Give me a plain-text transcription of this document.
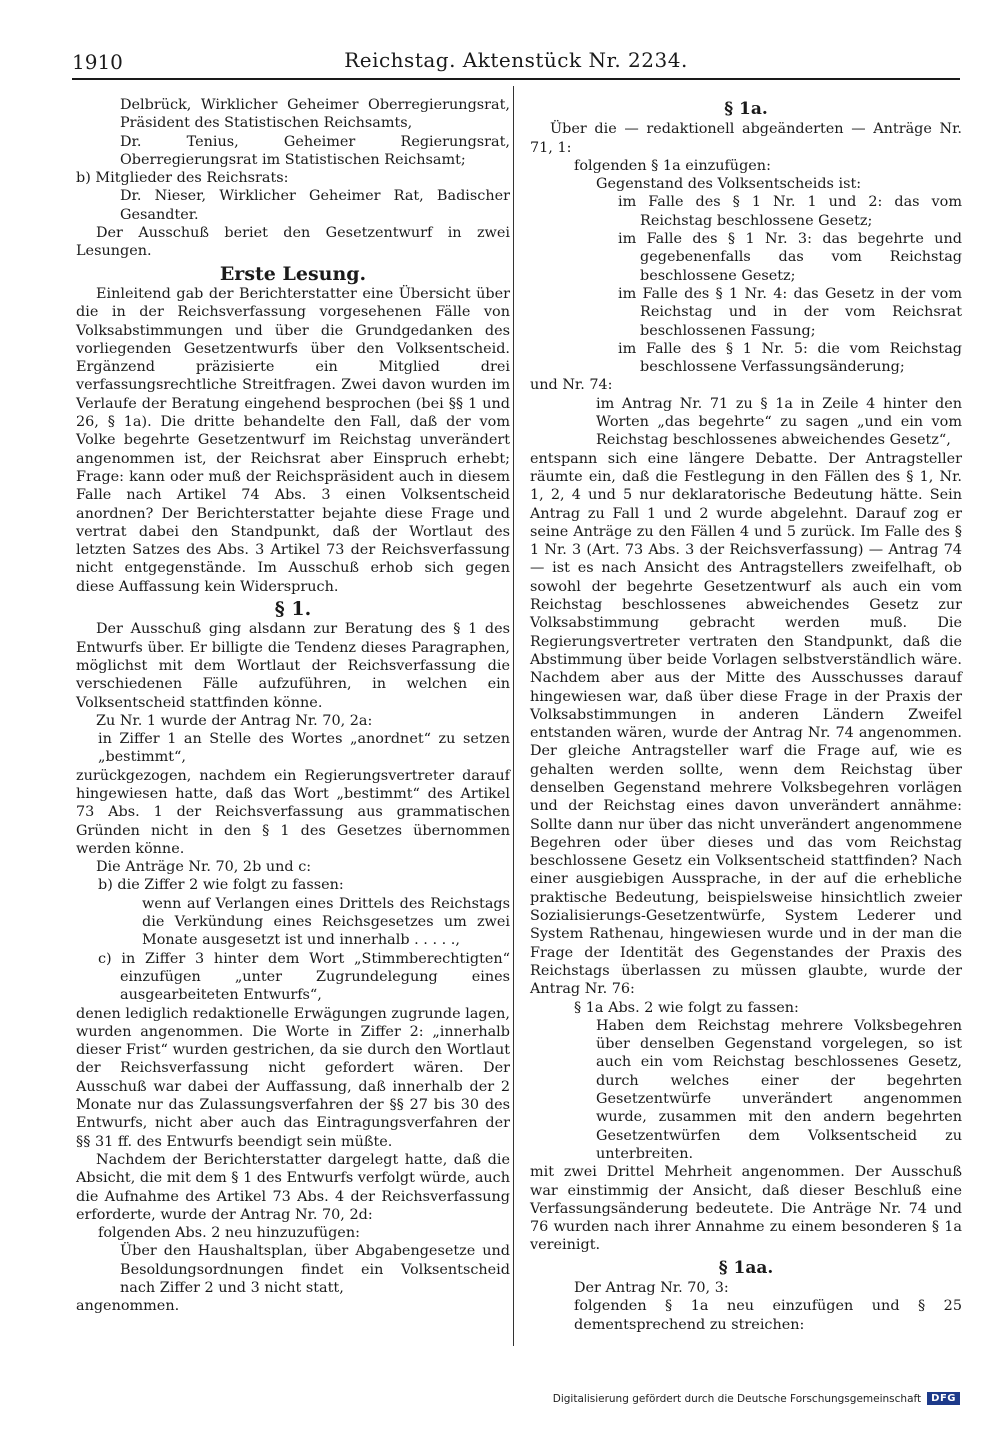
1910	Reichstag. Aktenstück Nr. 2234.

Delbrück, Wirklicher Geheimer Oberregierungsrat, Präsident des Statistischen Reichsamts,

Dr. Tenius, Geheimer Regierungsrat, Oberregierungsrat im Statistischen Reichsamt;

b) Mitglieder des Reichsrats:

Dr. Nieser, Wirklicher Geheimer Rat, Badischer Gesandter.

Der Ausschuß beriet den Gesetzentwurf in zwei Lesungen.

Erste Lesung.

Einleitend gab der Berichterstatter eine Übersicht über die in der Reichsverfassung vorgesehenen Fälle von Volksabstimmungen und über die Grundgedanken des vorliegenden Gesetzentwurfs über den Volksentscheid. Ergänzend präzisierte ein Mitglied drei verfassungsrechtliche Streitfragen. Zwei davon wurden im Verlaufe der Beratung eingehend besprochen (bei §§ 1 und 26, § 1a). Die dritte behandelte den Fall, daß der vom Volke begehrte Gesetzentwurf im Reichstag unverändert angenommen ist, der Reichsrat aber Einspruch erhebt; Frage: kann oder muß der Reichspräsident auch in diesem Falle nach Artikel 74 Abs. 3 einen Volksentscheid anordnen? Der Berichterstatter bejahte diese Frage und vertrat dabei den Standpunkt, daß der Wortlaut des letzten Satzes des Abs. 3 Artikel 73 der Reichsverfassung nicht entgegenstände. Im Ausschuß erhob sich gegen diese Auffassung kein Widerspruch.

§ 1.

Der Ausschuß ging alsdann zur Beratung des § 1 des Entwurfs über. Er billigte die Tendenz dieses Paragraphen, möglichst mit dem Wortlaut der Reichsverfassung die verschiedenen Fälle aufzuführen, in welchen ein Volksentscheid stattfinden könne.

Zu Nr. 1 wurde der Antrag Nr. 70, 2a:

in Ziffer 1 an Stelle des Wortes „anordnet“ zu setzen „bestimmt“,

zurückgezogen, nachdem ein Regierungsvertreter darauf hingewiesen hatte, daß das Wort „bestimmt“ des Artikel 73 Abs. 1 der Reichsverfassung aus grammatischen Gründen nicht in den § 1 des Gesetzes übernommen werden könne.

Die Anträge Nr. 70, 2b und c:

b) die Ziffer 2 wie folgt zu fassen:

wenn auf Verlangen eines Drittels des Reichstags die Verkündung eines Reichsgesetzes um zwei Monate ausgesetzt ist und innerhalb . . . . .,

c) in Ziffer 3 hinter dem Wort „Stimmberechtigten“ einzufügen „unter Zugrundelegung eines ausgearbeiteten Entwurfs“,

denen lediglich redaktionelle Erwägungen zugrunde lagen, wurden angenommen. Die Worte in Ziffer 2: „innerhalb dieser Frist“ wurden gestrichen, da sie durch den Wortlaut der Reichsverfassung nicht gefordert wären. Der Ausschuß war dabei der Auffassung, daß innerhalb der 2 Monate nur das Zulassungsverfahren der §§ 27 bis 30 des Entwurfs, nicht aber auch das Eintragungsverfahren der §§ 31 ff. des Entwurfs beendigt sein müßte.

Nachdem der Berichterstatter dargelegt hatte, daß die Absicht, die mit dem § 1 des Entwurfs verfolgt würde, auch die Aufnahme des Artikel 73 Abs. 4 der Reichsverfassung erforderte, wurde der Antrag Nr. 70, 2d:

folgenden Abs. 2 neu hinzuzufügen:

Über den Haushaltsplan, über Abgabengesetze und Besoldungsordnungen findet ein Volksentscheid nach Ziffer 2 und 3 nicht statt,

angenommen.

§ 1a.

Über die — redaktionell abgeänderten — Anträge Nr. 71, 1:

folgenden § 1a einzufügen:

Gegenstand des Volksentscheids ist:

im Falle des § 1 Nr. 1 und 2: das vom Reichstag beschlossene Gesetz;

im Falle des § 1 Nr. 3: das begehrte und gegebenenfalls das vom Reichstag beschlossene Gesetz;

im Falle des § 1 Nr. 4: das Gesetz in der vom Reichstag und in der vom Reichsrat beschlossenen Fassung;

im Falle des § 1 Nr. 5: die vom Reichstag beschlossene Verfassungsänderung;

und Nr. 74:

im Antrag Nr. 71 zu § 1a in Zeile 4 hinter den Worten „das begehrte“ zu sagen „und ein vom Reichstag beschlossenes abweichendes Gesetz“,

entspann sich eine längere Debatte. Der Antragsteller räumte ein, daß die Festlegung in den Fällen des § 1, Nr. 1, 2, 4 und 5 nur deklaratorische Bedeutung hätte. Sein Antrag zu Fall 1 und 2 wurde abgelehnt. Darauf zog er seine Anträge zu den Fällen 4 und 5 zurück. Im Falle des § 1 Nr. 3 (Art. 73 Abs. 3 der Reichsverfassung) — Antrag 74 — ist es nach Ansicht des Antragstellers zweifelhaft, ob sowohl der begehrte Gesetzentwurf als auch ein vom Reichstag beschlossenes abweichendes Gesetz zur Volksabstimmung gebracht werden muß. Die Regierungsvertreter vertraten den Standpunkt, daß die Abstimmung über beide Vorlagen selbstverständlich wäre. Nachdem aber aus der Mitte des Ausschusses darauf hingewiesen war, daß über diese Frage in der Praxis der Volksabstimmungen in anderen Ländern Zweifel entstanden wären, wurde der Antrag Nr. 74 angenommen. Der gleiche Antragsteller warf die Frage auf, wie es gehalten werden sollte, wenn dem Reichstag über denselben Gegenstand mehrere Volksbegehren vorlägen und der Reichstag eines davon unverändert annähme: Sollte dann nur über das nicht unverändert angenommene Begehren oder über dieses und das vom Reichstag beschlossene Gesetz ein Volksentscheid stattfinden? Nach einer ausgiebigen Aussprache, in der auf die erhebliche praktische Bedeutung, beispielsweise hinsichtlich zweier Sozialisierungs-Gesetzentwürfe, System Lederer und System Rathenau, hingewiesen wurde und in der man die Frage der Identität des Gegenstandes der Praxis des Reichstags überlassen zu müssen glaubte, wurde der Antrag Nr. 76:

§ 1a Abs. 2 wie folgt zu fassen:

Haben dem Reichstag mehrere Volksbegehren über denselben Gegenstand vorgelegen, so ist auch ein vom Reichstag beschlossenes Gesetz, durch welches einer der begehrten Gesetzentwürfe unverändert angenommen wurde, zusammen mit den andern begehrten Gesetzentwürfen dem Volksentscheid zu unterbreiten.

mit zwei Drittel Mehrheit angenommen. Der Ausschuß war einstimmig der Ansicht, daß dieser Beschluß eine Verfassungsänderung bedeutete. Die Anträge Nr. 74 und 76 wurden nach ihrer Annahme zu einem besonderen § 1a vereinigt.

§ 1aa.

Der Antrag Nr. 70, 3:

folgenden § 1a neu einzufügen und § 25 dementsprechend zu streichen:

Digitalisierung gefördert durch die Deutsche Forschungsgemeinschaft	DFG
